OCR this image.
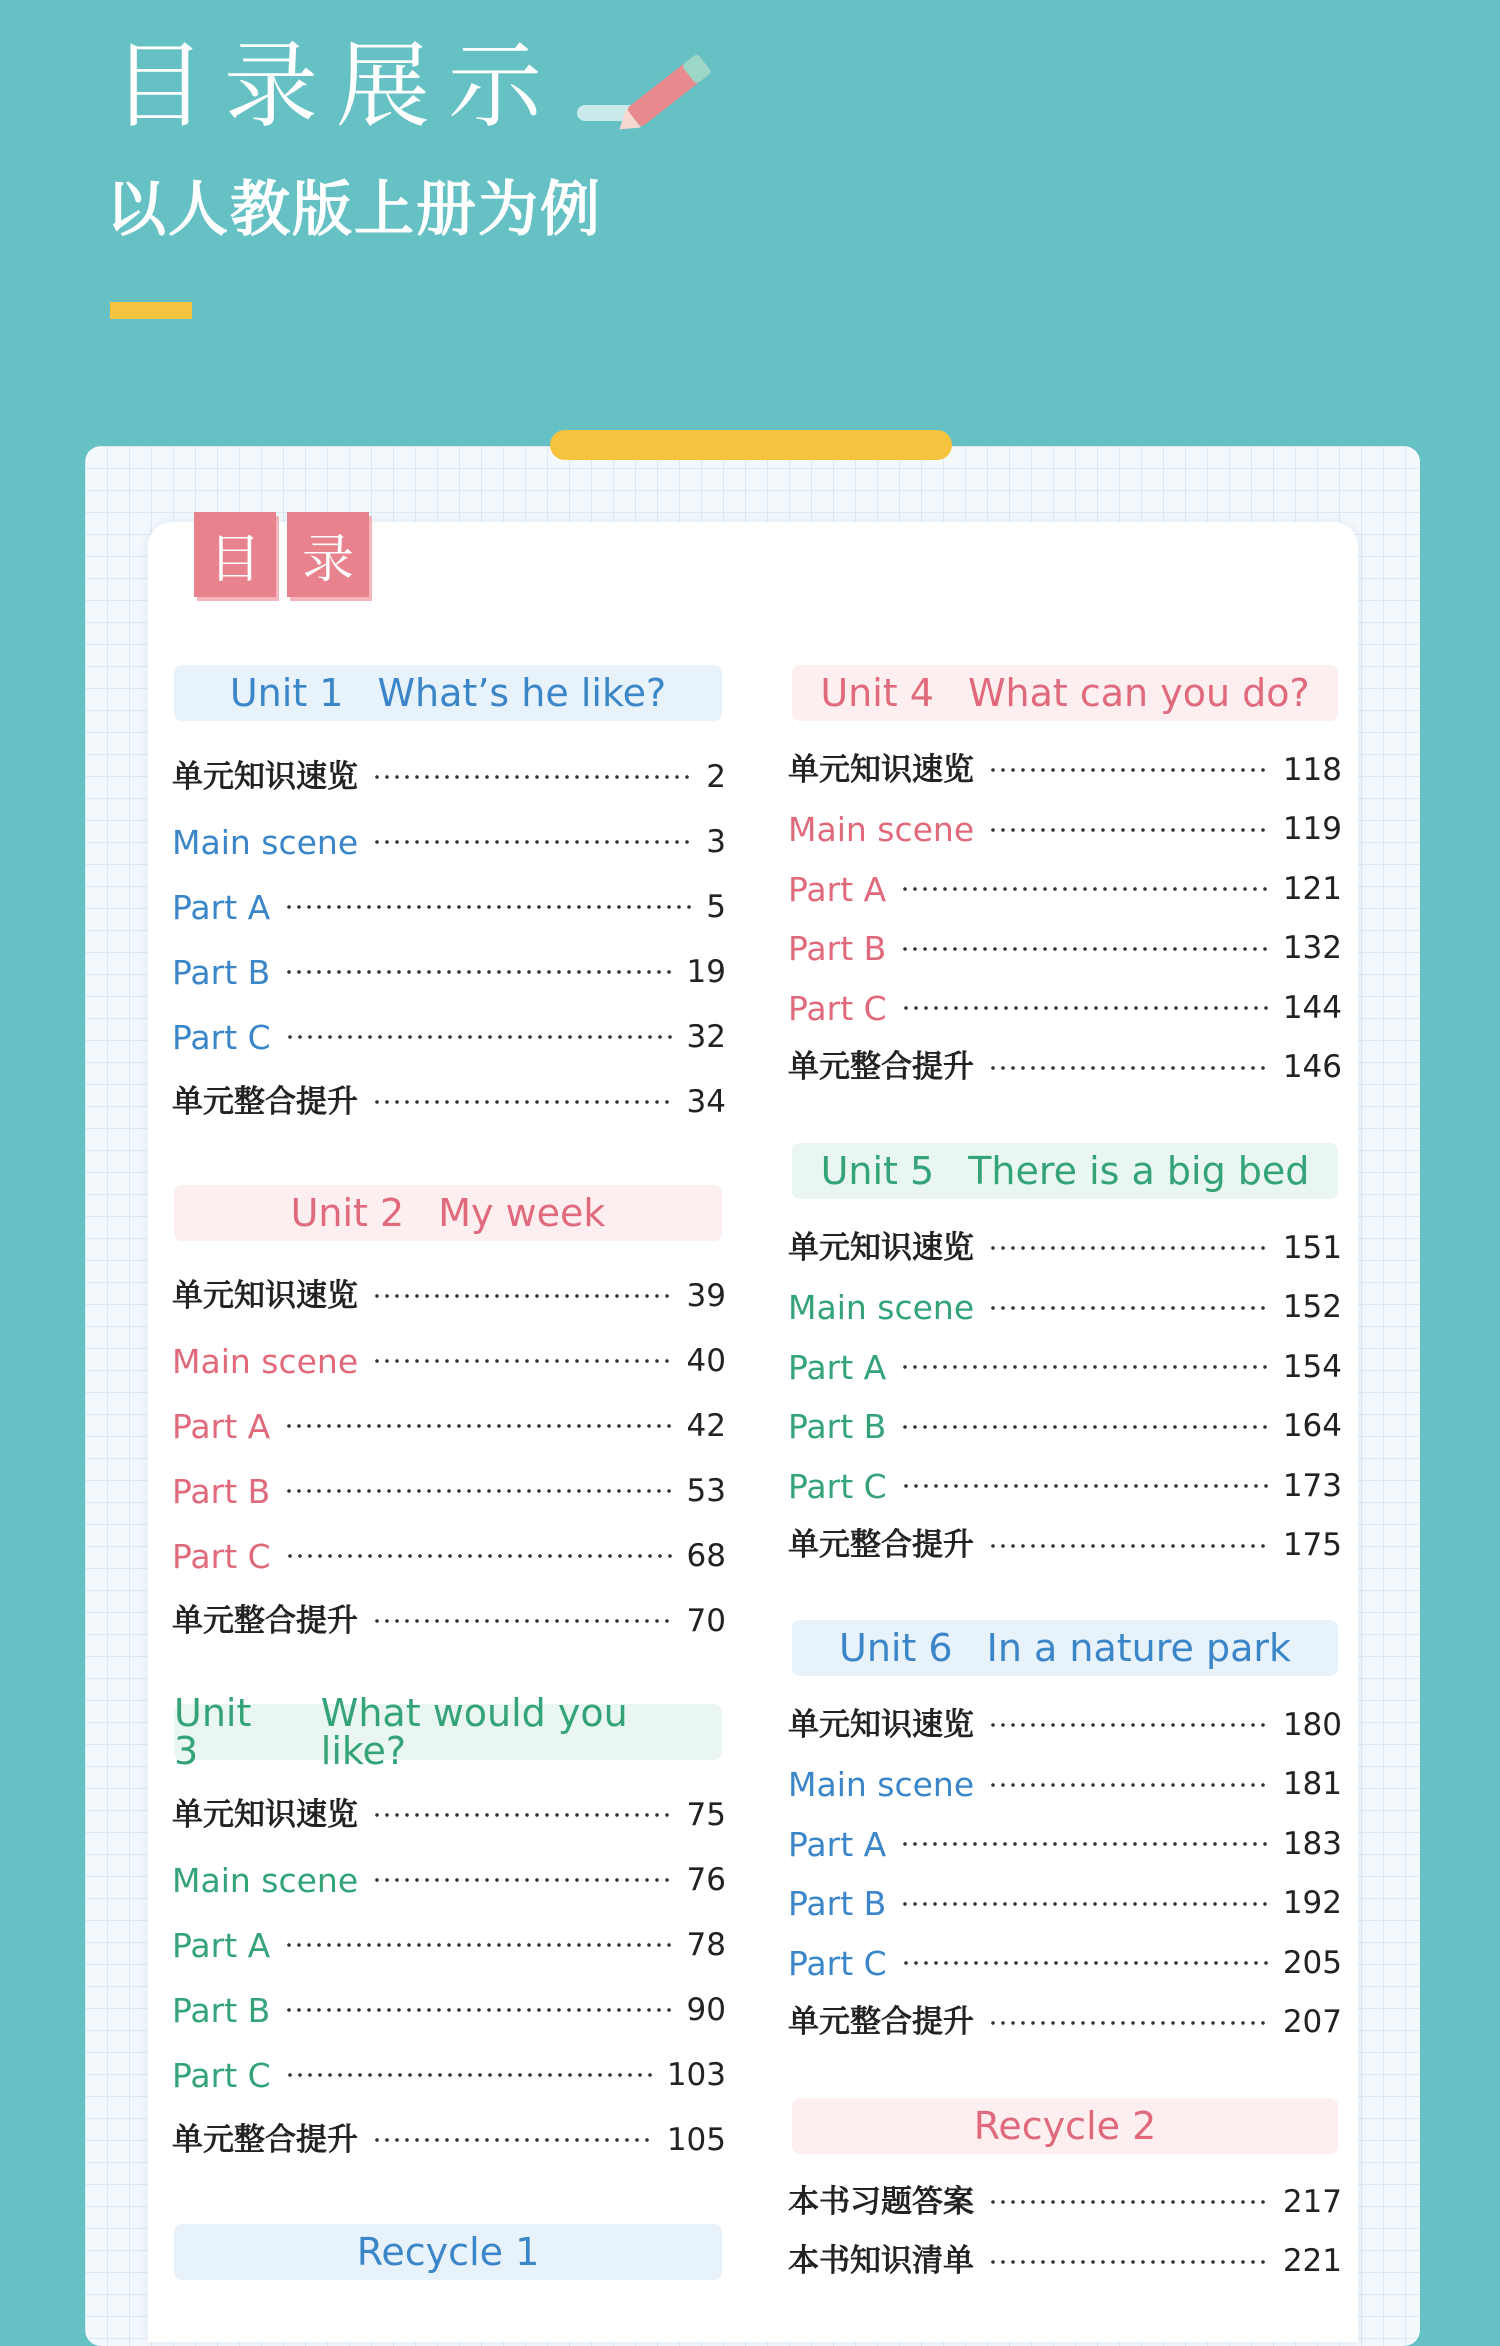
目录展示
以人教版上册为例
目 录
Unit 1 What’s he like?
单元知识速览	2
Main scene	3
Part A	5
Part B	19
Part C	32
单元整合提升	34
Unit 2 My week
单元知识速览	39
Main scene	40
Part A	42
Part B	53
Part C	68
单元整合提升	70
Unit 3
What would you like?
单元知识速览	75
Main scene	76
Part A	78
Part B	90
Part C	103
单元整合提升	105
Recycle 1
Unit 4 What can you do?
单元知识速览	118
Main scene	119
Part A	121
Part B	132
Part C	144
单元整合提升	146
Unit 5 There is a big bed
单元知识速览	151
Main scene	152
Part A	154
Part B	164
Part C	173
单元整合提升	175
Unit 6 In a nature park
单元知识速览	180
Main scene	181
Part A	183
Part B	192
Part C	205
单元整合提升	207
Recycle 2
本书习题答案	217
本书知识清单	221
